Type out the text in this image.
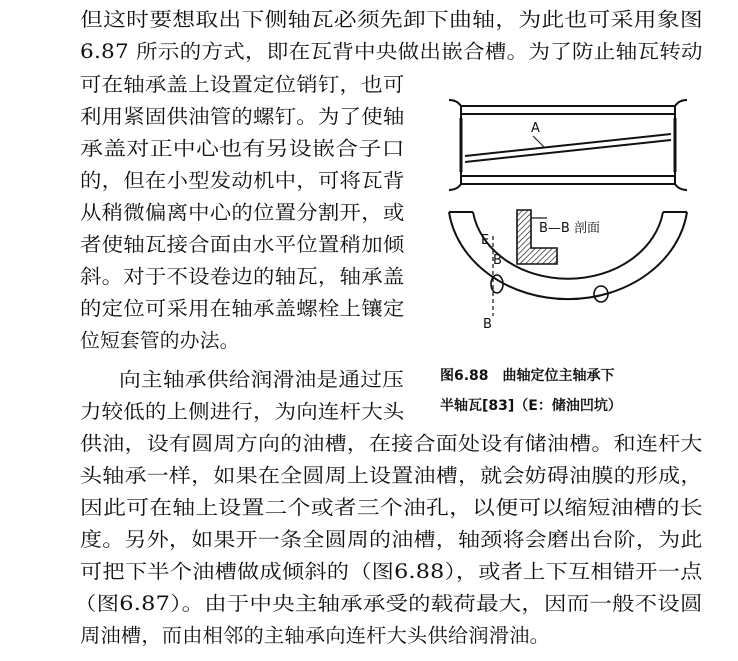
但这时要想取出下侧轴瓦必须先卸下曲轴，为此也可采用象图
6.87 所示的方式，即在瓦背中央做出嵌合槽。为了防止轴瓦转动
可在轴承盖上设置定位销钉，也可
利用紧固供油管的螺钉。为了使轴
承盖对正中心也有另设嵌合子口
的，但在小型发动机中，可将瓦背
从稍微偏离中心的位置分割开，或
者使轴瓦接合面由水平位置稍加倾
斜。对于不设卷边的轴瓦，轴承盖
的定位可采用在轴承盖螺栓上镶定
位短套管的办法。
向主轴承供给润滑油是通过压
力较低的上侧进行，为向连杆大头
供油，设有圆周方向的油槽，在接合面处设有储油槽。和连杆大
头轴承一样，如果在全圆周上设置油槽，就会妨碍油膜的形成，
因此可在轴上设置二个或者三个油孔，以便可以缩短油槽的长
度。另外，如果开一条全圆周的油槽，轴颈将会磨出台阶，为此
可把下半个油槽做成倾斜的（图6.88），或者上下互相错开一点
（图6.87）。由于中央主轴承承受的载荷最大，因而一般不设圆
周油槽，而由相邻的主轴承向连杆大头供给润滑油。
A
E
B
B
B—B 剖面
图6.88　曲轴定位主轴承下
半轴瓦[83]（E：储油凹坑）
